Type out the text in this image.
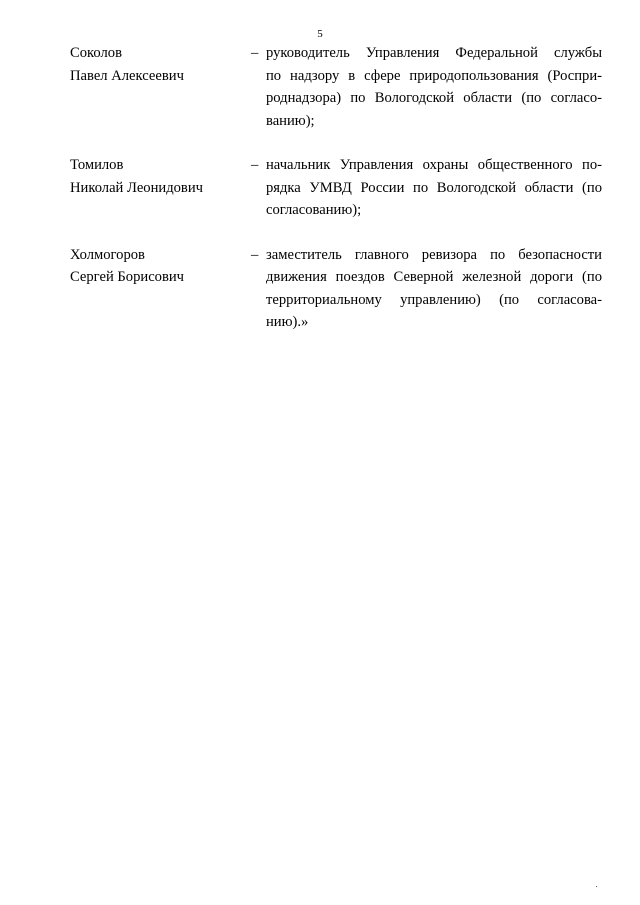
5
Соколов
Павел Алексеевич
– руководитель Управления Федеральной службы
по надзору в сфере природопользования (Роспри-
роднадзора) по Вологодской области (по согласо-
ванию);
Томилов
Николай Леонидович
– начальник Управления охраны общественного по-
рядка УМВД России по Вологодской области (по
согласованию);
Холмогоров
Сергей Борисович
– заместитель главного ревизора по безопасности
движения поездов Северной железной дороги (по
территориальному управлению) (по согласова-
нию).»
